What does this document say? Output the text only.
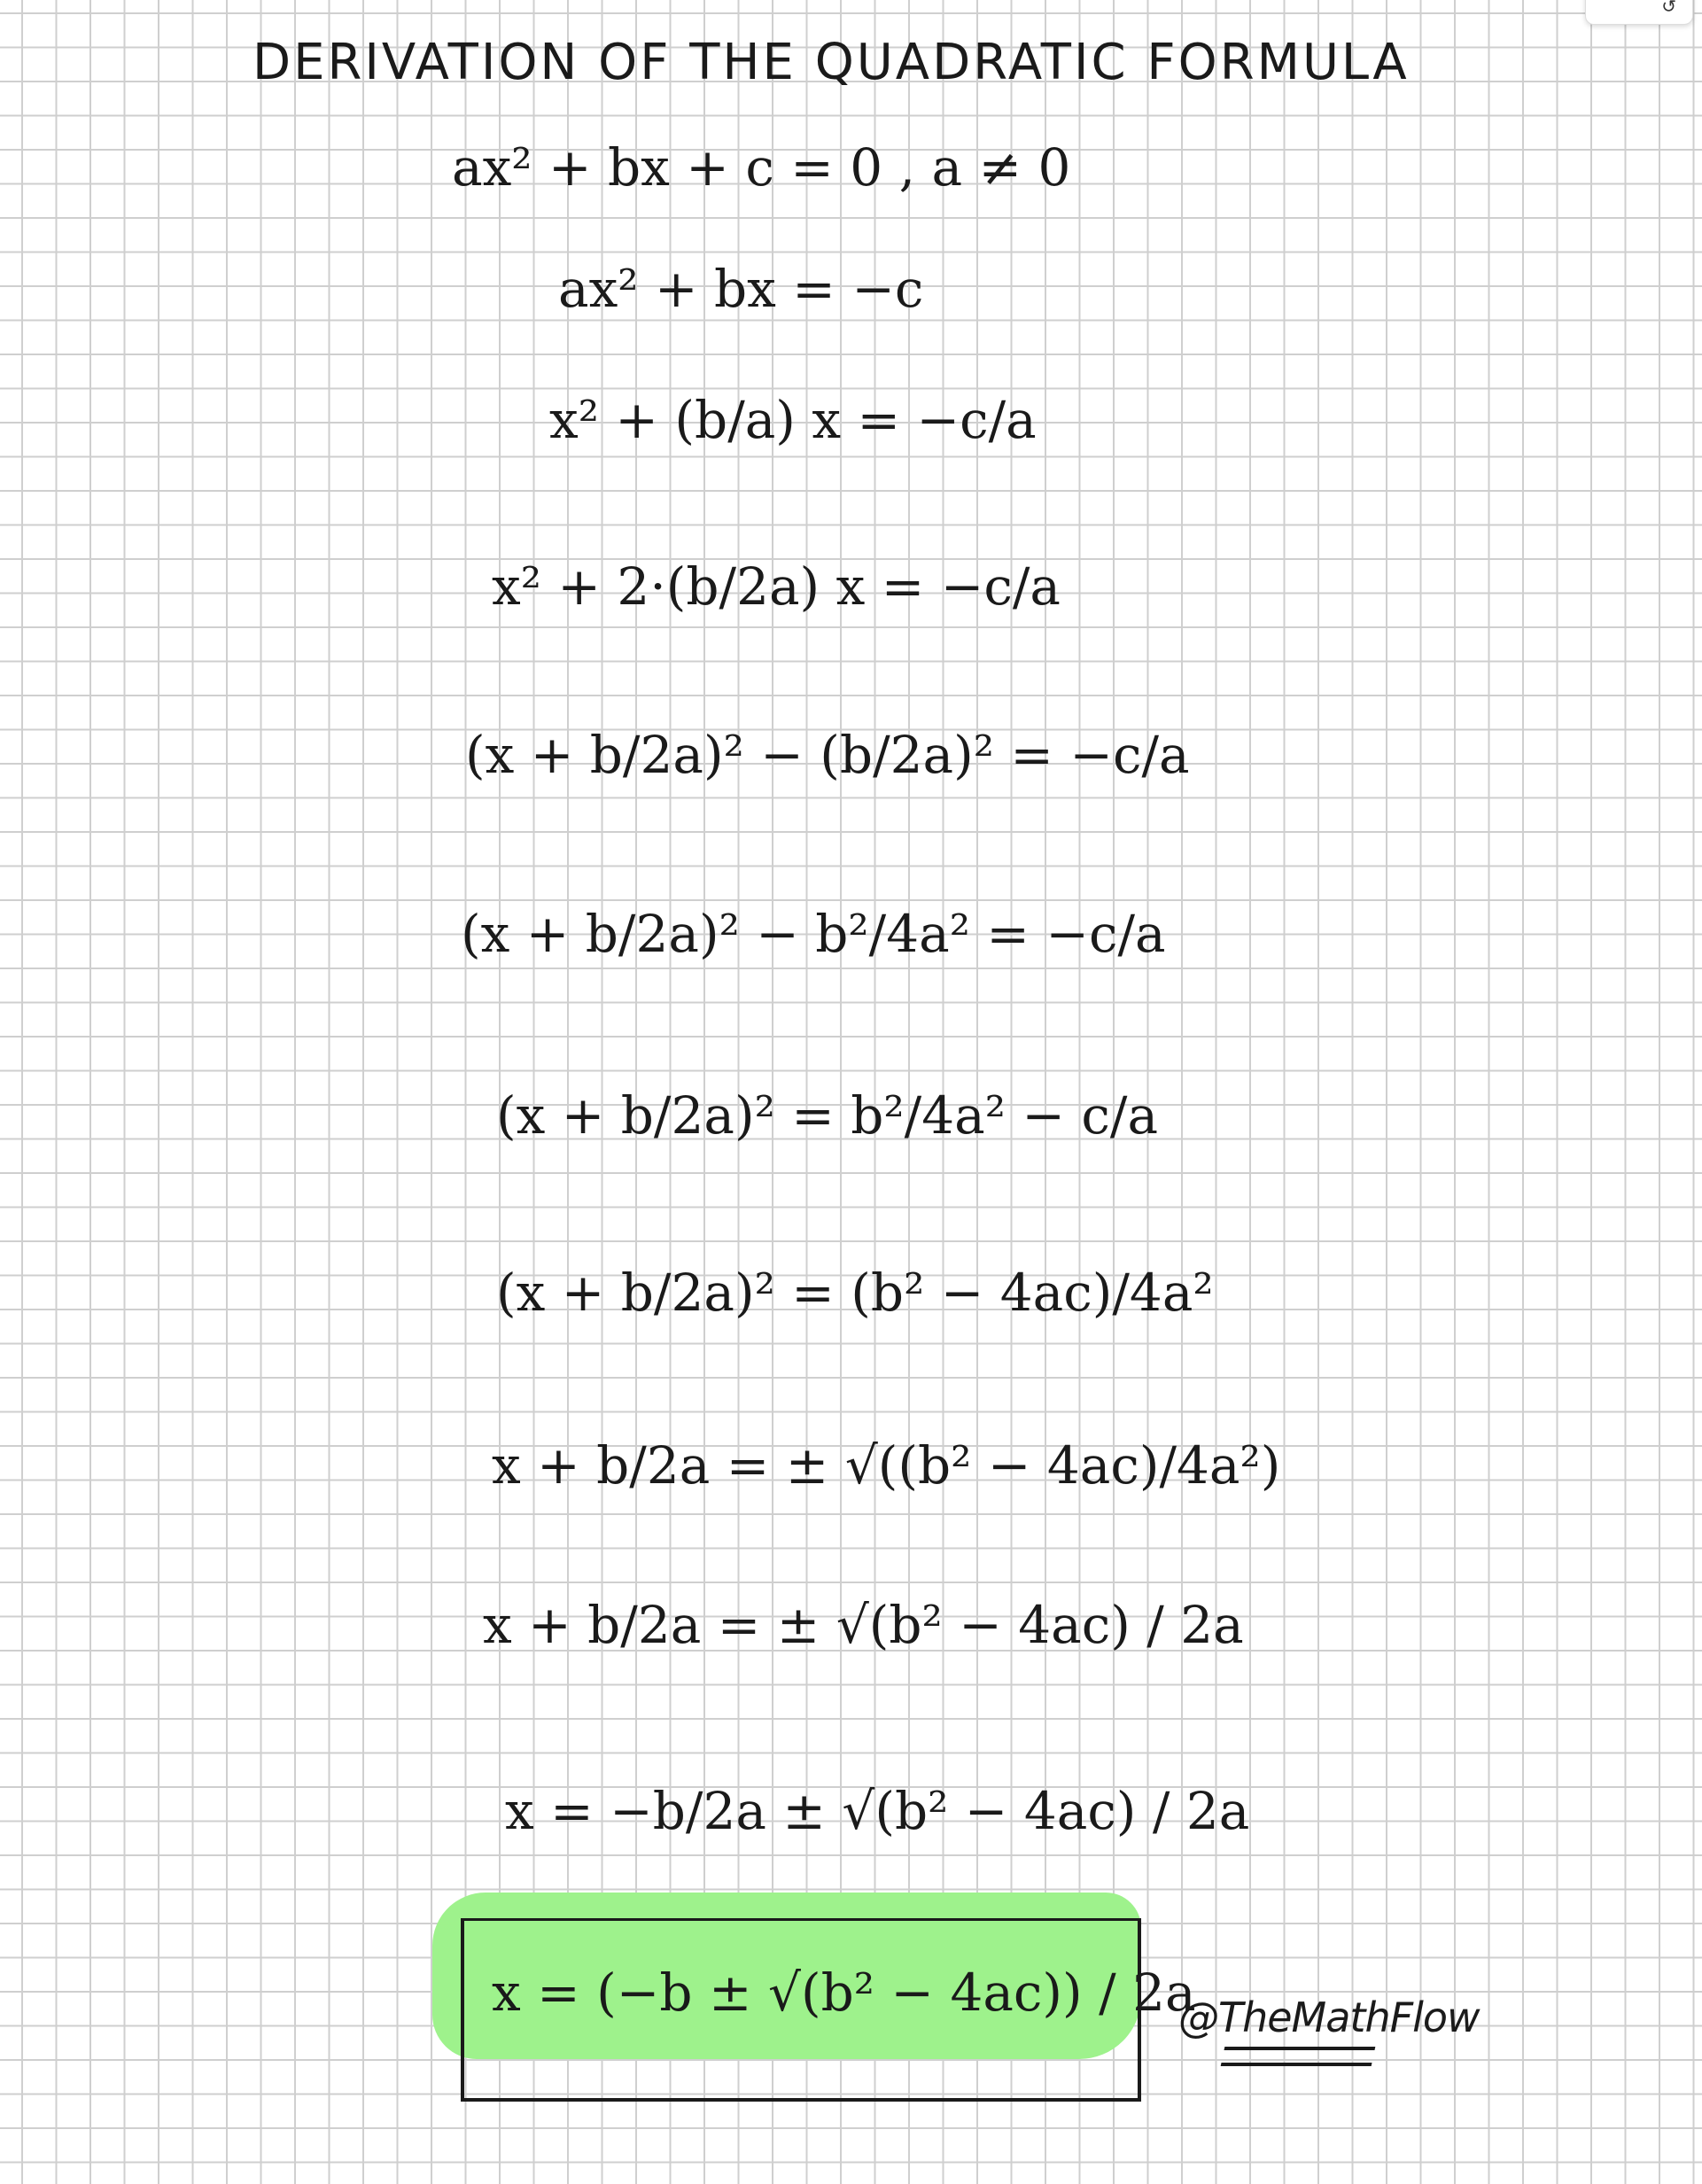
↺
DERIVATION OF THE QUADRATIC FORMULA
ax² + bx + c = 0 , a ≠ 0
ax² + bx = −c
x² + (b/a) x = −c/a
x² + 2·(b/2a) x = −c/a
(x + b/2a)² − (b/2a)² = −c/a
(x + b/2a)² − b²/4a² = −c/a
(x + b/2a)² = b²/4a² − c/a
(x + b/2a)² = (b² − 4ac)/4a²
x + b/2a = ± √((b² − 4ac)/4a²)
x + b/2a = ± √(b² − 4ac) / 2a
x = −b/2a ± √(b² − 4ac) / 2a
x = (−b ± √(b² − 4ac)) / 2a
@TheMathFlow
